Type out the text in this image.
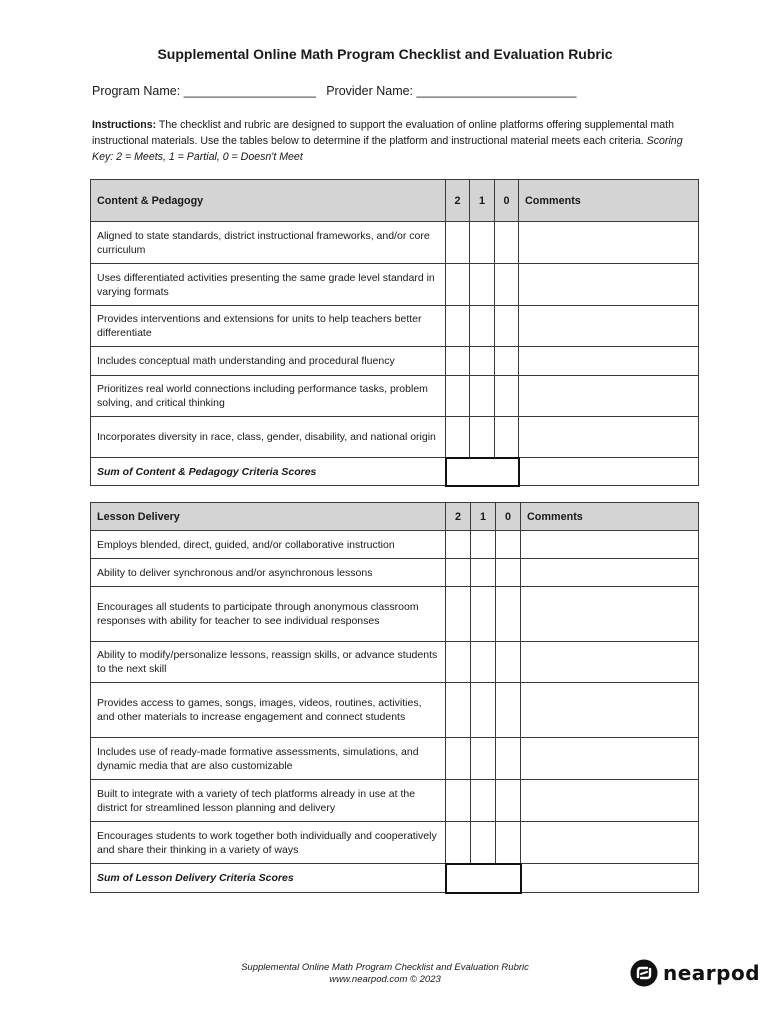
Supplemental Online Math Program Checklist and Evaluation Rubric
Program Name: ___________________   Provider Name: _______________________
Instructions: The checklist and rubric are designed to support the evaluation of online platforms offering supplemental math instructional materials. Use the tables below to determine if the platform and instructional material meets each criteria. Scoring Key: 2 = Meets, 1 = Partial, 0 = Doesn't Meet
Content & Pedagogy	2	1	0	Comments
Aligned to state standards, district instructional frameworks, and/or core curriculum				
Uses differentiated activities presenting the same grade level standard in varying formats				
Provides interventions and extensions for units to help teachers better differentiate				
Includes conceptual math understanding and procedural fluency				
Prioritizes real world connections including performance tasks, problem solving, and critical thinking				
Incorporates diversity in race, class, gender, disability, and national origin				
Sum of Content & Pedagogy Criteria Scores				
Lesson Delivery	2	1	0	Comments
Employs blended, direct, guided, and/or collaborative instruction				
Ability to deliver synchronous and/or asynchronous lessons				
Encourages all students to participate through anonymous classroom responses with ability for teacher to see individual responses				
Ability to modify/personalize lessons, reassign skills, or advance students to the next skill				
Provides access to games, songs, images, videos, routines, activities, and other materials to increase engagement and connect students				
Includes use of ready-made formative assessments, simulations, and dynamic media that are also customizable				
Built to integrate with a variety of tech platforms already in use at the district for streamlined lesson planning and delivery				
Encourages students to work together both individually and cooperatively and share their thinking in a variety of ways				
Sum of Lesson Delivery Criteria Scores				
Supplemental Online Math Program Checklist and Evaluation Rubric
www.nearpod.com © 2023	nearpod
